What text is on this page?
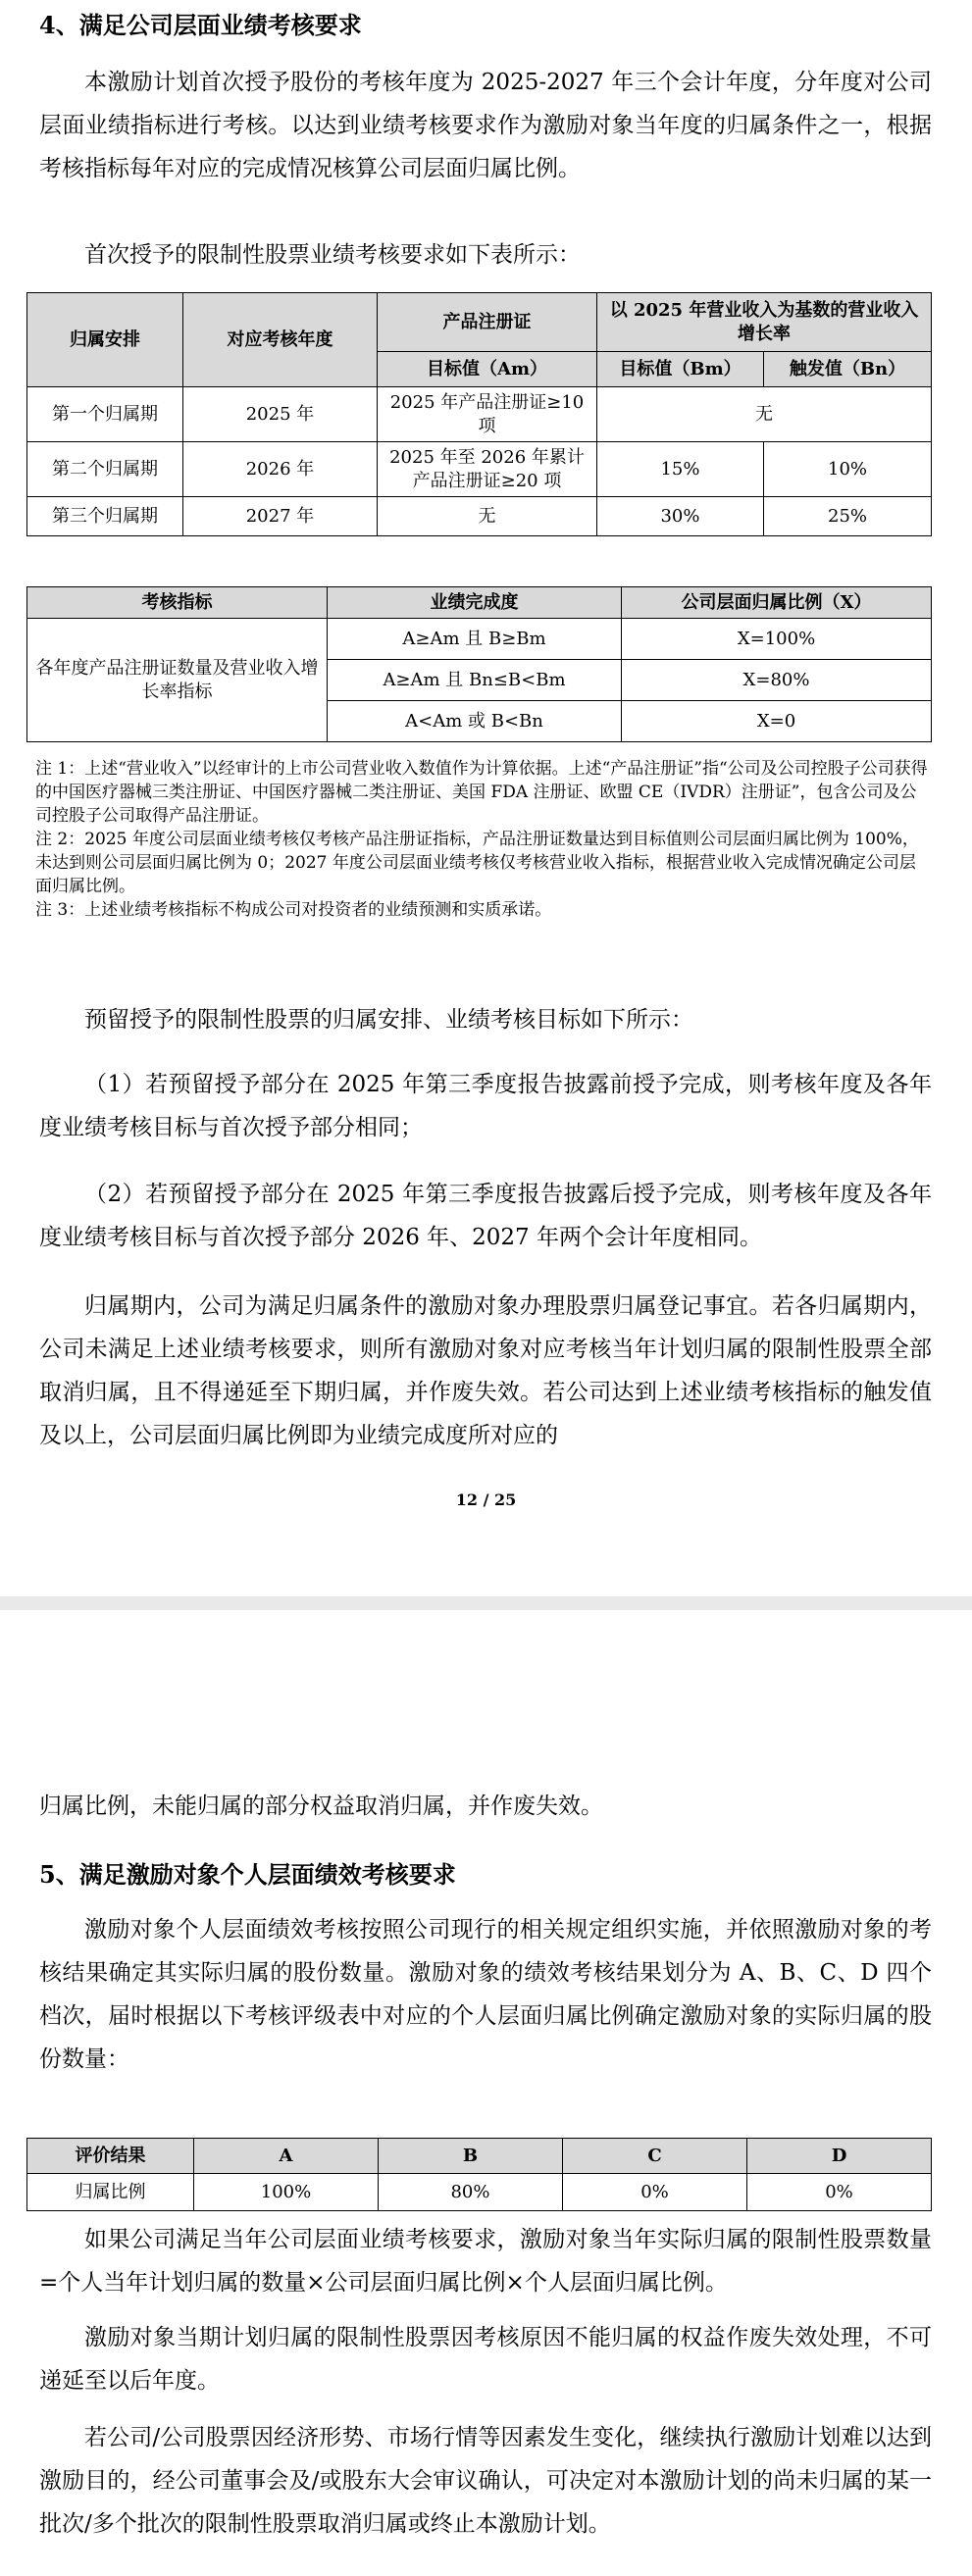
4、满足公司层面业绩考核要求

本激励计划首次授予股份的考核年度为 2025-2027 年三个会计年度，分年度对公司层面业绩指标进行考核。以达到业绩考核要求作为激励对象当年度的归属条件之一，根据考核指标每年对应的完成情况核算公司层面归属比例。

首次授予的限制性股票业绩考核要求如下表所示：

归属安排	对应考核年度	产品注册证	以 2025 年营业收入为基数的营业收入增长率	
		目标值（Am）	目标值（Bm）	触发值（Bn）
第一个归属期	2025 年	2025 年产品注册证≥10 项	无	
第二个归属期	2026 年	2025 年至 2026 年累计产品注册证≥20 项	15%	10%
第三个归属期	2027 年	无	30%	25%
考核指标	业绩完成度	公司层面归属比例（X）
各年度产品注册证数量及营业收入增长率指标	A≥Am 且 B≥Bm	X=100%
	A≥Am 且 Bn≤B<Bm	X=80%
	A<Am 或 B<Bn	X=0

注 1：上述“营业收入”以经审计的上市公司营业收入数值作为计算依据。上述“产品注册证”指“公司及公司控股子公司获得的中国医疗器械三类注册证、中国医疗器械二类注册证、美国 FDA 注册证、欧盟 CE（IVDR）注册证”，包含公司及公司控股子公司取得产品注册证。

注 2：2025 年度公司层面业绩考核仅考核产品注册证指标，产品注册证数量达到目标值则公司层面归属比例为 100%，未达到则公司层面归属比例为 0；2027 年度公司层面业绩考核仅考核营业收入指标，根据营业收入完成情况确定公司层面归属比例。

注 3：上述业绩考核指标不构成公司对投资者的业绩预测和实质承诺。

预留授予的限制性股票的归属安排、业绩考核目标如下所示：

（1）若预留授予部分在 2025 年第三季度报告披露前授予完成，则考核年度及各年度业绩考核目标与首次授予部分相同；

（2）若预留授予部分在 2025 年第三季度报告披露后授予完成，则考核年度及各年度业绩考核目标与首次授予部分 2026 年、2027 年两个会计年度相同。

归属期内，公司为满足归属条件的激励对象办理股票归属登记事宜。若各归属期内，公司未满足上述业绩考核要求，则所有激励对象对应考核当年计划归属的限制性股票全部取消归属，且不得递延至下期归属，并作废失效。若公司达到上述业绩考核指标的触发值及以上，公司层面归属比例即为业绩完成度所对应的

12 / 25

归属比例，未能归属的部分权益取消归属，并作废失效。

5、满足激励对象个人层面绩效考核要求

激励对象个人层面绩效考核按照公司现行的相关规定组织实施，并依照激励对象的考核结果确定其实际归属的股份数量。激励对象的绩效考核结果划分为 A、B、C、D 四个档次，届时根据以下考核评级表中对应的个人层面归属比例确定激励对象的实际归属的股份数量：

评价结果	A	B	C	D
归属比例	100%	80%	0%	0%

如果公司满足当年公司层面业绩考核要求，激励对象当年实际归属的限制性股票数量=个人当年计划归属的数量×公司层面归属比例×个人层面归属比例。

激励对象当期计划归属的限制性股票因考核原因不能归属的权益作废失效处理，不可递延至以后年度。

若公司/公司股票因经济形势、市场行情等因素发生变化，继续执行激励计划难以达到激励目的，经公司董事会及/或股东大会审议确认，可决定对本激励计划的尚未归属的某一批次/多个批次的限制性股票取消归属或终止本激励计划。
